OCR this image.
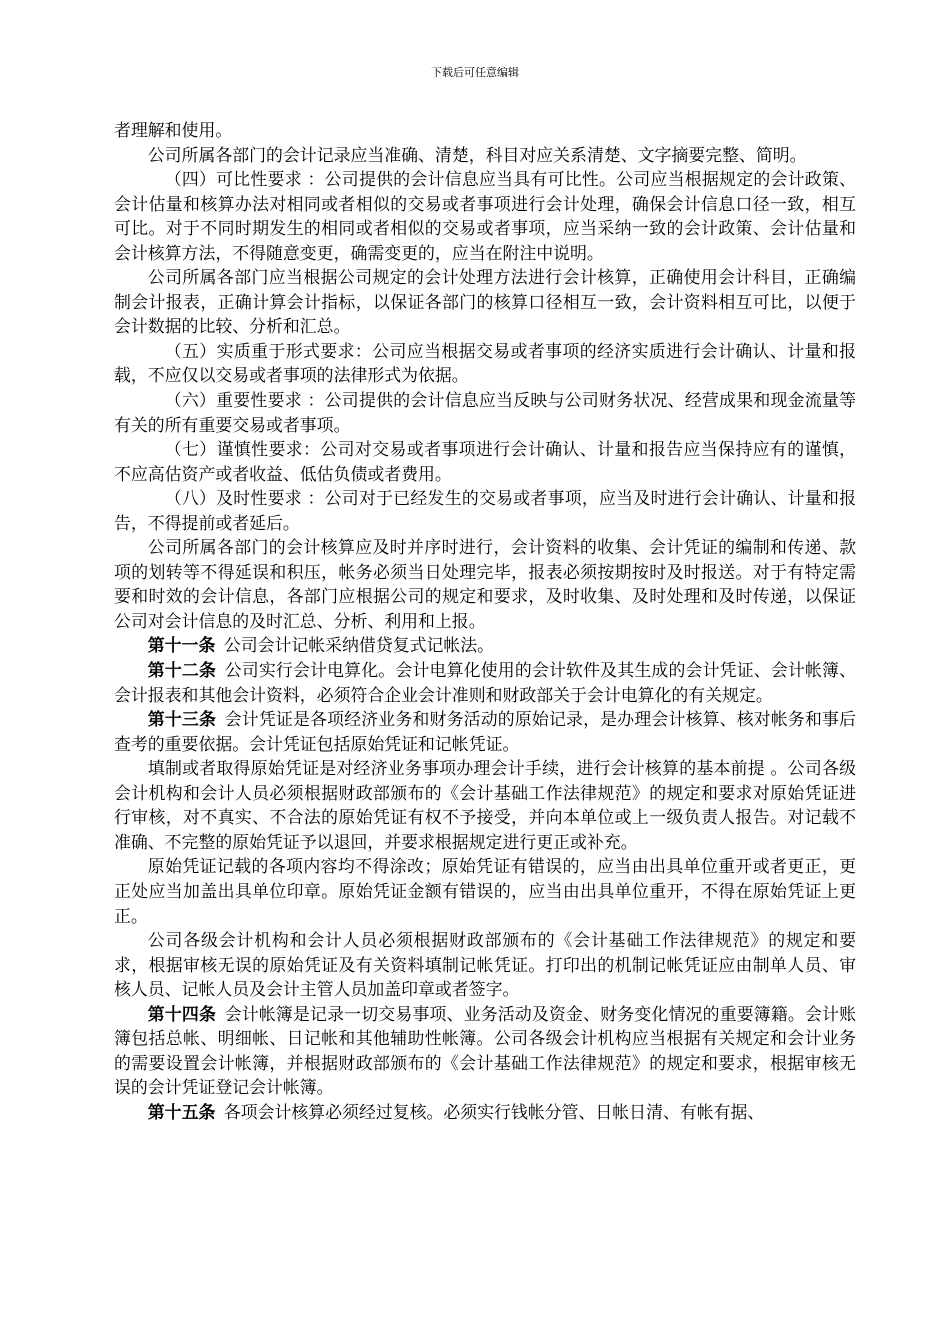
下载后可任意编辑

者理解和使用。

公司所属各部门的会计记录应当准确、清楚，科目对应关系清楚、文字摘要完整、简明。

（四）可比性要求 ：公司提供的会计信息应当具有可比性。公司应当根据规定的会计政策、会计估量和核算办法对相同或者相似的交易或者事项进行会计处理，确保会计信息口径一致，相互可比。对于不同时期发生的相同或者相似的交易或者事项，应当采纳一致的会计政策、会计估量和会计核算方法，不得随意变更，确需变更的，应当在附注中说明。

公司所属各部门应当根据公司规定的会计处理方法进行会计核算，正确使用会计科目，正确编制会计报表，正确计算会计指标，以保证各部门的核算口径相互一致，会计资料相互可比，以便于会计数据的比较、分析和汇总。

（五）实质重于形式要求：公司应当根据交易或者事项的经济实质进行会计确认、计量和报载，不应仅以交易或者事项的法律形式为依据。

（六）重要性要求 ：公司提供的会计信息应当反映与公司财务状况、经营成果和现金流量等有关的所有重要交易或者事项。

（七）谨慎性要求：公司对交易或者事项进行会计确认、计量和报告应当保持应有的谨慎，不应高估资产或者收益、低估负债或者费用。

（八）及时性要求 ：公司对于已经发生的交易或者事项，应当及时进行会计确认、计量和报告，不得提前或者延后。

公司所属各部门的会计核算应及时并序时进行，会计资料的收集、会计凭证的编制和传递、款项的划转等不得延误和积压，帐务必须当日处理完毕，报表必须按期按时及时报送。对于有特定需要和时效的会计信息，各部门应根据公司的规定和要求，及时收集、及时处理和及时传递，以保证公司对会计信息的及时汇总、分析、利用和上报。

第十一条  公司会计记帐采纳借贷复式记帐法。

第十二条  公司实行会计电算化。会计电算化使用的会计软件及其生成的会计凭证、会计帐簿、会计报表和其他会计资料，必须符合企业会计准则和财政部关于会计电算化的有关规定。

第十三条  会计凭证是各项经济业务和财务活动的原始记录，是办理会计核算、核对帐务和事后查考的重要依据。会计凭证包括原始凭证和记帐凭证。

填制或者取得原始凭证是对经济业务事项办理会计手续，进行会计核算的基本前提 。公司各级会计机构和会计人员必须根据财政部颁布的《会计基础工作法律规范》的规定和要求对原始凭证进行审核，对不真实、不合法的原始凭证有权不予接受，并向本单位或上一级负责人报告。对记载不准确、不完整的原始凭证予以退回，并要求根据规定进行更正或补充。

原始凭证记载的各项内容均不得涂改；原始凭证有错误的，应当由出具单位重开或者更正，更正处应当加盖出具单位印章。原始凭证金额有错误的，应当由出具单位重开，不得在原始凭证上更正。

公司各级会计机构和会计人员必须根据财政部颁布的《会计基础工作法律规范》的规定和要求，根据审核无误的原始凭证及有关资料填制记帐凭证。打印出的机制记帐凭证应由制单人员、审核人员、记帐人员及会计主管人员加盖印章或者签字。

第十四条  会计帐簿是记录一切交易事项、业务活动及资金、财务变化情况的重要簿籍。会计账簿包括总帐、明细帐、日记帐和其他辅助性帐簿。公司各级会计机构应当根据有关规定和会计业务的需要设置会计帐簿，并根据财政部颁布的《会计基础工作法律规范》的规定和要求，根据审核无误的会计凭证登记会计帐簿。

第十五条  各项会计核算必须经过复核。必须实行钱帐分管、日帐日清、有帐有据、
